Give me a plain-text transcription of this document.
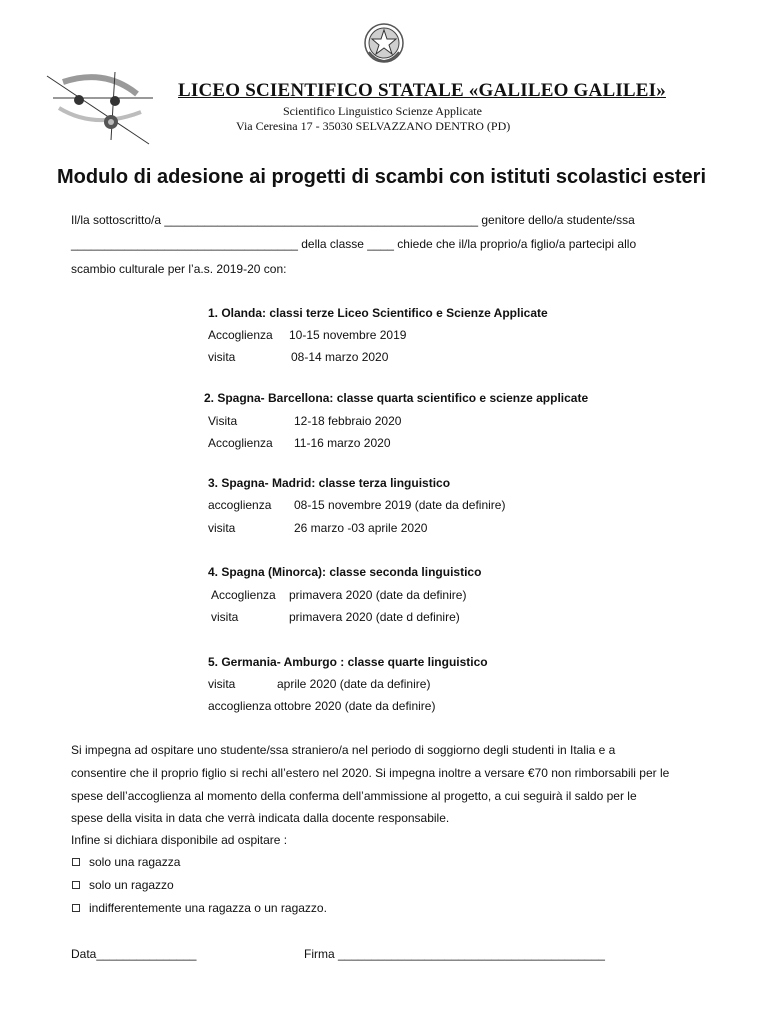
LICEO SCIENTIFICO STATALE «GALILEO GALILEI»
Scientifico Linguistico Scienze Applicate
Via Ceresina 17 - 35030 SELVAZZANO DENTRO (PD)
Modulo di adesione ai progetti di scambi con istituti scolastici esteri
Il/la sottoscritto/a _______________________________________________ genitore dello/a studente/ssa
__________________________________ della classe ____ chiede che il/la proprio/a figlio/a partecipi allo
scambio culturale per l’a.s. 2019-20 con:
1. Olanda: classi terze Liceo Scientifico e Scienze Applicate
Accoglienza 10-15 novembre 2019
visita	08-14 marzo 2020
2. Spagna- Barcellona: classe quarta scientifico e scienze applicate
Visita	12-18 febbraio 2020
Accoglienza 11-16 marzo 2020
3. Spagna- Madrid: classe terza linguistico
accoglienza 08-15 novembre 2019 (date da definire)
visita	26 marzo -03 aprile 2020
4. Spagna (Minorca): classe seconda linguistico
Accoglienza primavera 2020 (date da definire)
visita	primavera 2020 (date d definire)
5. Germania- Amburgo : classe quarte linguistico
visita	aprile 2020 (date da definire)
accoglienza ottobre 2020 (date da definire)
Si impegna ad ospitare uno studente/ssa straniero/a nel periodo di soggiorno degli studenti in Italia e a
consentire che il proprio figlio si rechi all’estero nel 2020. Si impegna inoltre a versare €70 non rimborsabili per le
spese dell’accoglienza al momento della conferma dell’ammissione al progetto, a cui seguirà il saldo per le
spese della visita in data che verrà indicata dalla docente responsabile.
Infine si dichiara disponibile ad ospitare :
solo una ragazza
solo un ragazzo
indifferentemente una ragazza o un ragazzo.
Data_______________	Firma ________________________________________
